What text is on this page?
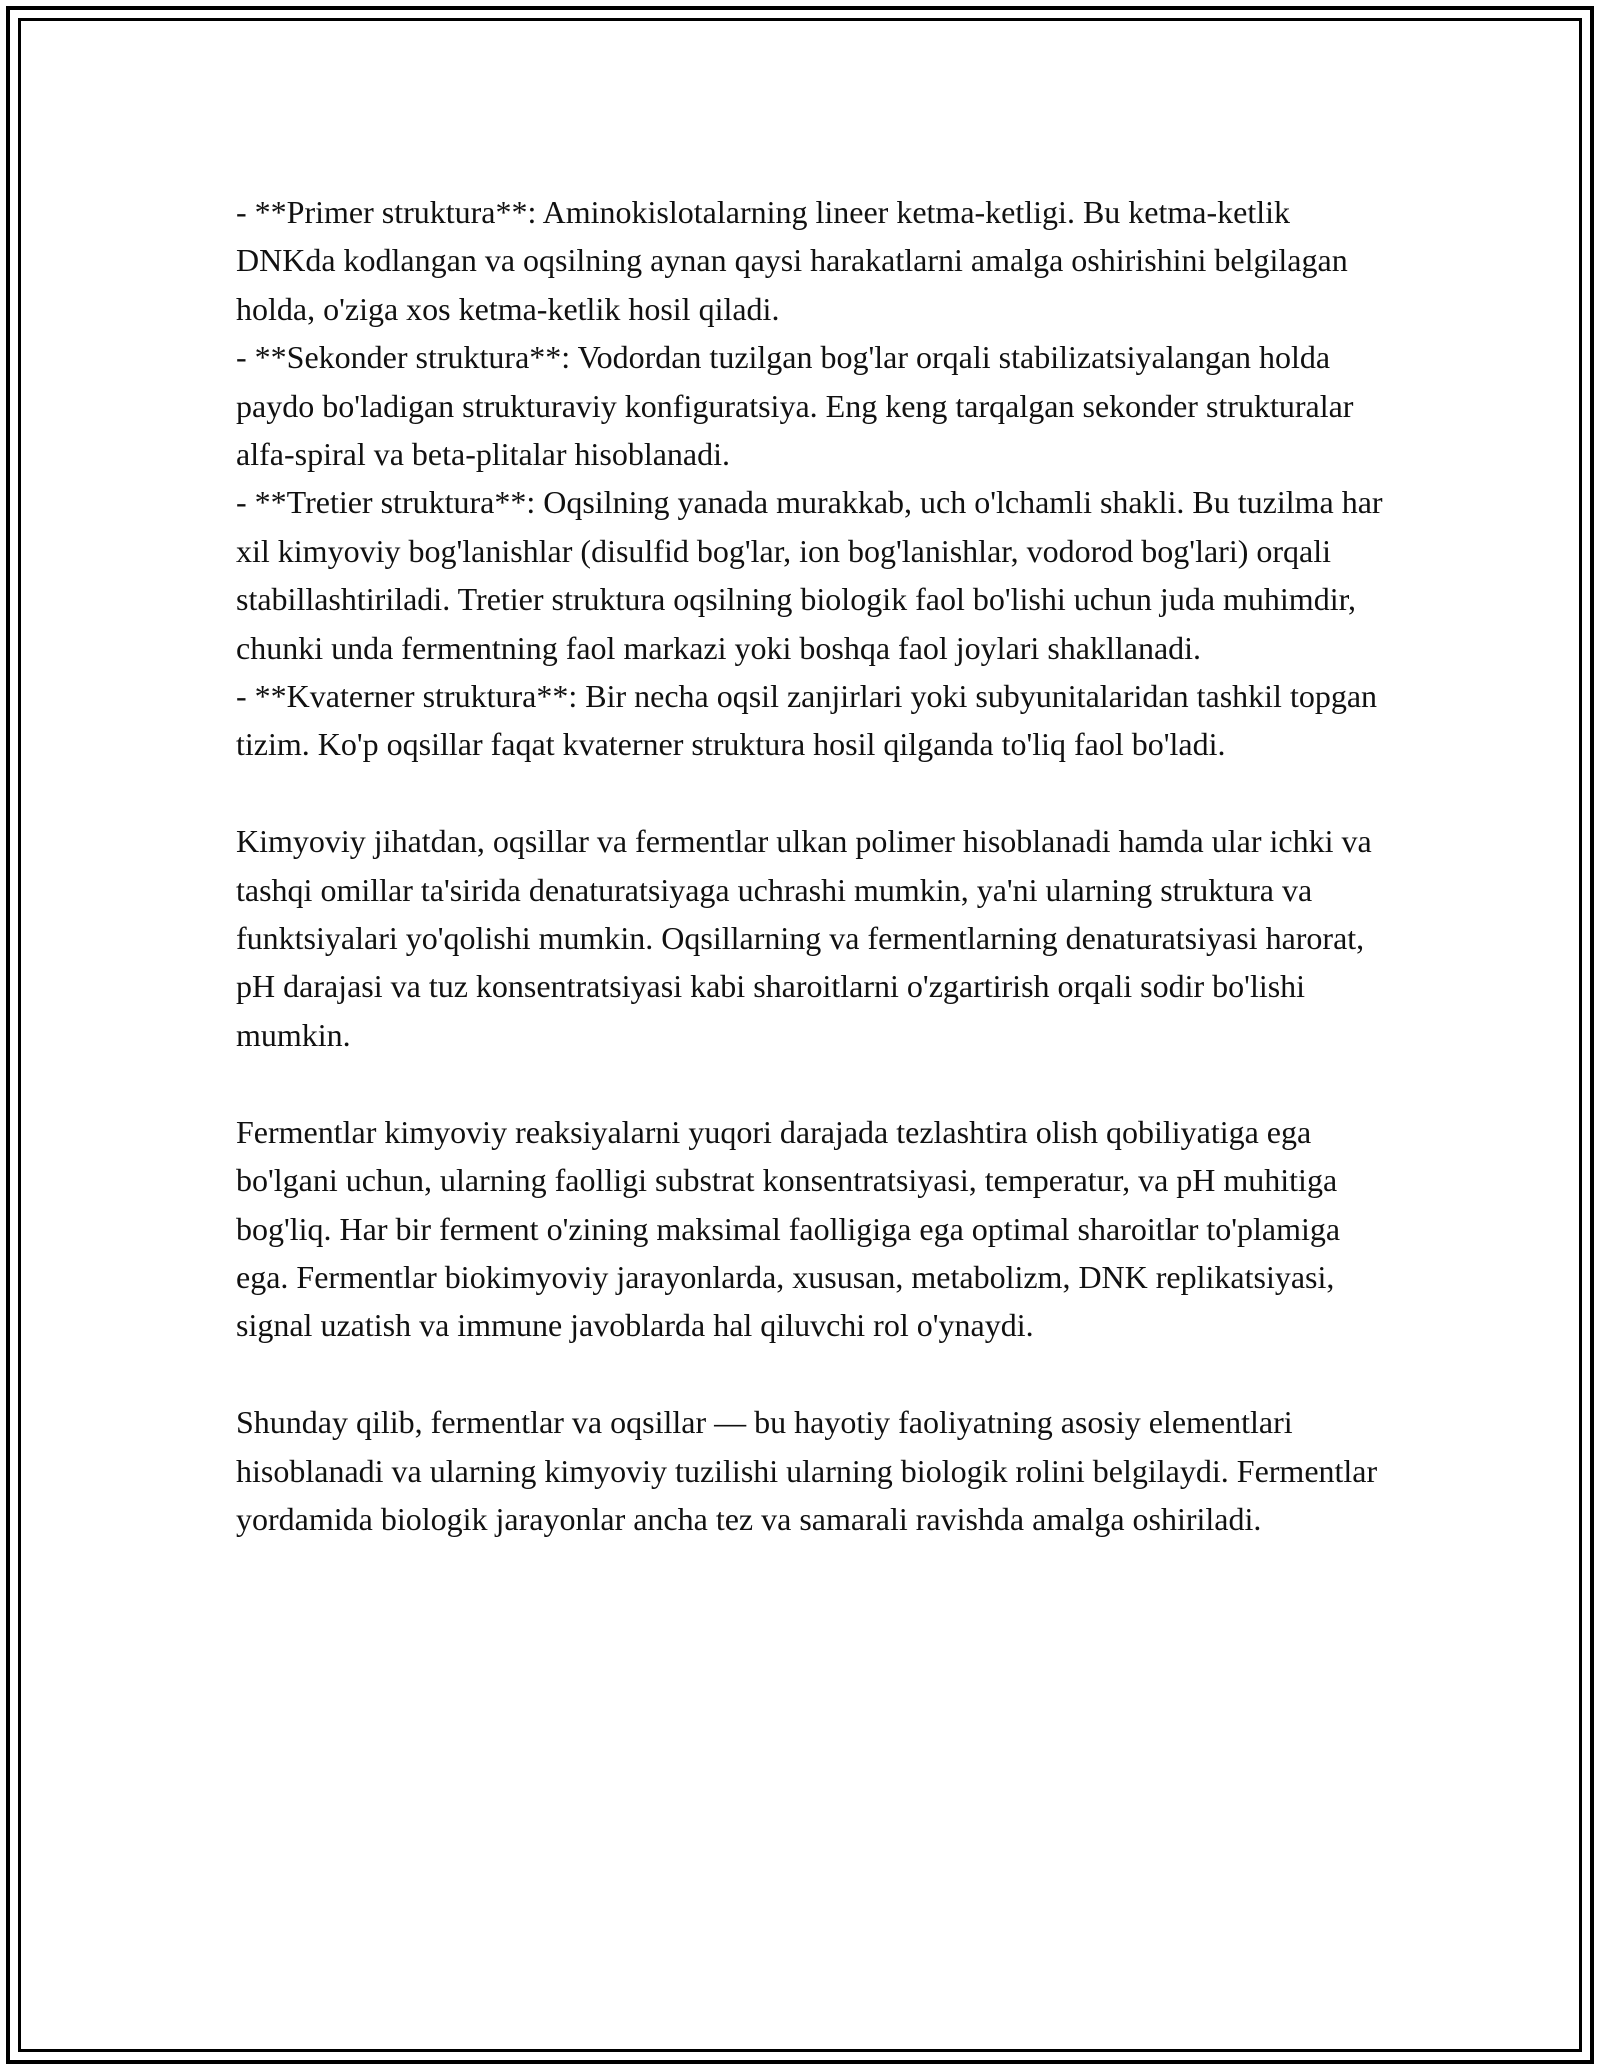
- **Primer struktura**: Aminokislotalarning lineer ketma-ketligi. Bu ketma-ketlik DNKda kodlangan va oqsilning aynan qaysi harakatlarni amalga oshirishini belgilagan holda, o'ziga xos ketma-ketlik hosil qiladi.
- **Sekonder struktura**: Vodordan tuzilgan bog'lar orqali stabilizatsiyalangan holda paydo bo'ladigan strukturaviy konfiguratsiya. Eng keng tarqalgan sekonder strukturalar alfa-spiral va beta-plitalar hisoblanadi.
- **Tretier struktura**: Oqsilning yanada murakkab, uch o'lchamli shakli. Bu tuzilma har xil kimyoviy bog'lanishlar (disulfid bog'lar, ion bog'lanishlar, vodorod bog'lari) orqali stabillashtiriladi. Tretier struktura oqsilning biologik faol bo'lishi uchun juda muhimdir, chunki unda fermentning faol markazi yoki boshqa faol joylari shakllanadi.
- **Kvaterner struktura**: Bir necha oqsil zanjirlari yoki subyunitalaridan tashkil topgan tizim. Ko'p oqsillar faqat kvaterner struktura hosil qilganda to'liq faol bo'ladi.

Kimyoviy jihatdan, oqsillar va fermentlar ulkan polimer hisoblanadi hamda ular ichki va tashqi omillar ta'sirida denaturatsiyaga uchrashi mumkin, ya'ni ularning struktura va funktsiyalari yo'qolishi mumkin. Oqsillarning va fermentlarning denaturatsiyasi harorat, pH darajasi va tuz konsentratsiyasi kabi sharoitlarni o'zgartirish orqali sodir bo'lishi mumkin.

Fermentlar kimyoviy reaksiyalarni yuqori darajada tezlashtira olish qobiliyatiga ega bo'lgani uchun, ularning faolligi substrat konsentratsiyasi, temperatur, va pH muhitiga bog'liq. Har bir ferment o'zining maksimal faolligiga ega optimal sharoitlar to'plamiga ega. Fermentlar biokimyoviy jarayonlarda, xususan, metabolizm, DNK replikatsiyasi, signal uzatish va immune javoblarda hal qiluvchi rol o'ynaydi.

Shunday qilib, fermentlar va oqsillar — bu hayotiy faoliyatning asosiy elementlari hisoblanadi va ularning kimyoviy tuzilishi ularning biologik rolini belgilaydi. Fermentlar yordamida biologik jarayonlar ancha tez va samarali ravishda amalga oshiriladi.
